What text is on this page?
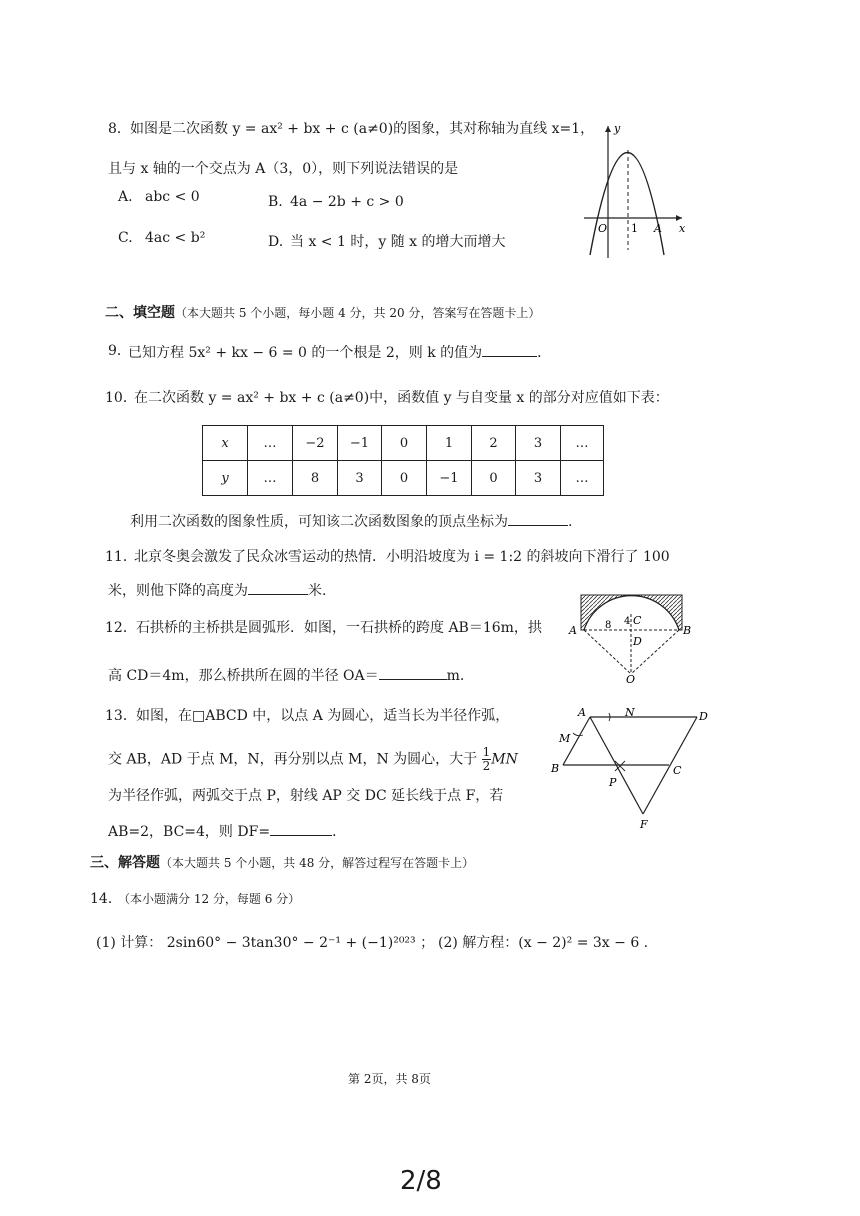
8． 如图是二次函数 y = ax² + bx + c (a≠0)的图象，其对称轴为直线 x=1，
且与 x 轴的一个交点为 A（3，0），则下列说法错误的是
A. abc < 0	B. 4a − 2b + c > 0
C. 4ac < b²	D. 当 x < 1 时，y 随 x 的增大而增大
y
x
O 1 A
二、填空题（本大题共 5 个小题，每小题 4 分，共 20 分，答案写在答题卡上）
9．
已知方程 5x² + kx − 6 = 0 的一个根是 2，则 k 的值为	．
10．
在二次函数 y = ax² + bx + c (a≠0)中，函数值 y 与自变量 x 的部分对应值如下表：
x	…	−2	−1	0	1	2	3	…
y	…	8	3	0	−1	0	3	…
利用二次函数的图象性质，可知该二次函数图象的顶点坐标为	.
11．
北京冬奥会激发了民众冰雪运动的热情．小明沿坡度为 i = 1:2 的斜坡向下滑行了 100
米，则他下降的高度为	米.
12． 石拱桥的主桥拱是圆弧形．如图，一石拱桥的跨度 AB＝16m，拱
高 CD＝4m，那么桥拱所在圆的半径 OA＝	m.
A	B
C
D
O
8 4
13． 如图，在□ABCD 中，以点 A 为圆心，适当长为半径作弧，
交 AB，AD 于点 M，N，再分别以点 M，N 为圆心，大于 $\frac{1}{2}$ MN
为半径作弧，两弧交于点 P，射线 AP 交 DC 延长线于点 F，若
AB=2，BC=4，则 DF=	．
A	N	D
M
B
P
C
F
三、解答题（本大题共 5 个小题，共 48 分，解答过程写在答题卡上）
14．
（本小题满分 12 分，每题 6 分）
(1) 计算： 2sin60° − 3tan30° − 2⁻¹ + (−1)²⁰²³ ； (2) 解方程：(x − 2)² = 3x − 6 .
第 2页，共 8页
2/8
